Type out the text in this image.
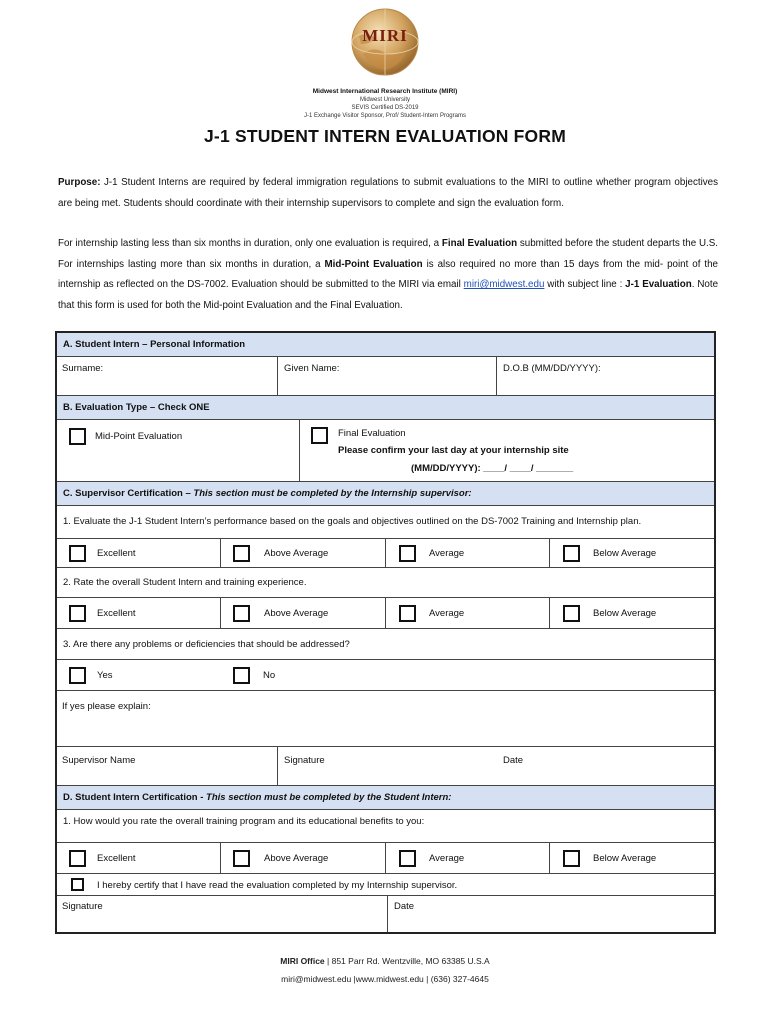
MIRI
Midwest International Research Institute (MIRI)
Midwest University
SEVIS Certified DS-2019
J-1 Exchange Visitor Sponsor, Prof/ Student-Intern Programs
J-1 STUDENT INTERN EVALUATION FORM
Purpose: J-1 Student Interns are required by federal immigration regulations to submit evaluations to the MIRI to outline whether program objectives are being met. Students should coordinate with their internship supervisors to complete and sign the evaluation form.
For internship lasting less than six months in duration, only one evaluation is required, a Final Evaluation submitted before the student departs the U.S. For internships lasting more than six months in duration, a Mid-Point Evaluation is also required no more than 15 days from the mid- point of the internship as reflected on the DS-7002. Evaluation should be submitted to the MIRI via email miri@midwest.edu with subject line : J-1 Evaluation. Note that this form is used for both the Mid-point Evaluation and the Final Evaluation.
A. Student Intern – Personal Information
Surname:	Given Name:	D.O.B (MM/DD/YYYY):
B. Evaluation Type – Check ONE
Mid-Point Evaluation	Final Evaluation
Please confirm your last day at your internship site
(MM/DD/YYYY): ____/ ____/ _______
C. Supervisor Certification – This section must be completed by the Internship supervisor:
1. Evaluate the J-1 Student Intern’s performance based on the goals and objectives outlined on the DS-7002 Training and Internship plan.
Excellent	Above Average	Average	Below Average
2. Rate the overall Student Intern and training experience.
Excellent	Above Average	Average	Below Average
3. Are there any problems or deficiencies that should be addressed?
Yes	No
If yes please explain:
Supervisor Name	Signature	Date
D. Student Intern Certification - This section must be completed by the Student Intern:
1. How would you rate the overall training program and its educational benefits to you:
Excellent	Above Average	Average	Below Average
I hereby certify that I have read the evaluation completed by my Internship supervisor.
Signature	Date
MIRI Office | 851 Parr Rd. Wentzville, MO 63385 U.S.A
miri@midwest.edu |www.midwest.edu | (636) 327-4645
